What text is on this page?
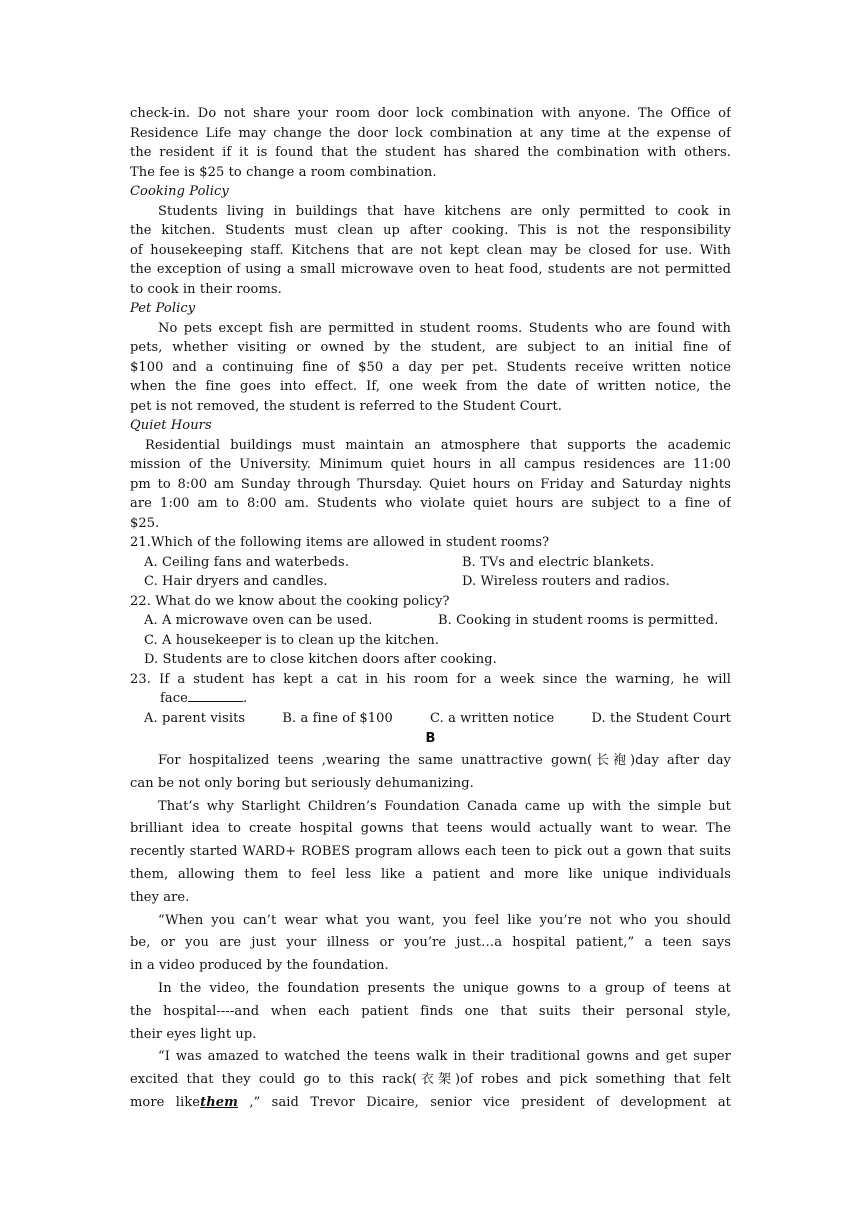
check-in. Do not share your room door lock combination with anyone. The Office of
Residence Life may change the door lock combination at any time at the expense of
the resident if it is found that the student has shared the combination with others.
The fee is $25 to change a room combination.
Cooking Policy
Students living in buildings that have kitchens are only permitted to cook in
the kitchen. Students must clean up after cooking. This is not the responsibility
of housekeeping staff. Kitchens that are not kept clean may be closed for use. With
the exception of using a small microwave oven to heat food, students are not permitted
to cook in their rooms.
Pet Policy
No pets except fish are permitted in student rooms. Students who are found with
pets, whether visiting or owned by the student, are subject to an initial fine of
$100 and a continuing fine of $50 a day per pet. Students receive written notice
when the fine goes into effect. If, one week from the date of written notice, the
pet is not removed, the student is referred to the Student Court.
Quiet Hours
Residential buildings must maintain an atmosphere that supports the academic
mission of the University. Minimum quiet hours in all campus residences are 11:00
pm to 8:00 am Sunday through Thursday. Quiet hours on Friday and Saturday nights
are 1:00 am to 8:00 am. Students who violate quiet hours are subject to a fine of
$25.
21.Which of the following items are allowed in student rooms?
A. Ceiling fans and waterbeds.	B. TVs and electric blankets.
C. Hair dryers and candles.	D. Wireless routers and radios.
22. What do we know about the cooking policy?
A. A microwave oven can be used.	B. Cooking in student rooms is permitted.
C. A housekeeper is to clean up the kitchen.
D. Students are to close kitchen doors after cooking.
23. If a student has kept a cat in his room for a week since the warning, he will
face	.
A. parent visits	B. a fine of $100	C. a written notice	D. the Student Court
B
For hospitalized teens ,wearing the same unattractive gown(长袍)day after day
can be not only boring but seriously dehumanizing.
That’s why Starlight Children’s Foundation Canada came up with the simple but
brilliant idea to create hospital gowns that teens would actually want to wear. The
recently started WARD+ ROBES program allows each teen to pick out a gown that suits
them, allowing them to feel less like a patient and more like unique individuals
they are.
“When you can’t wear what you want, you feel like you’re not who you should
be, or you are just your illness or you’re just…a hospital patient,” a teen says
in a video produced by the foundation.
In the video, the foundation presents the unique gowns to a group of teens at
the hospital----and when each patient finds one that suits their personal style,
their eyes light up.
“I was amazed to watched the teens walk in their traditional gowns and get super
excited that they could go to this rack(衣架)of robes and pick something that felt
more likethem ,” said Trevor Dicaire, senior vice president of development at
